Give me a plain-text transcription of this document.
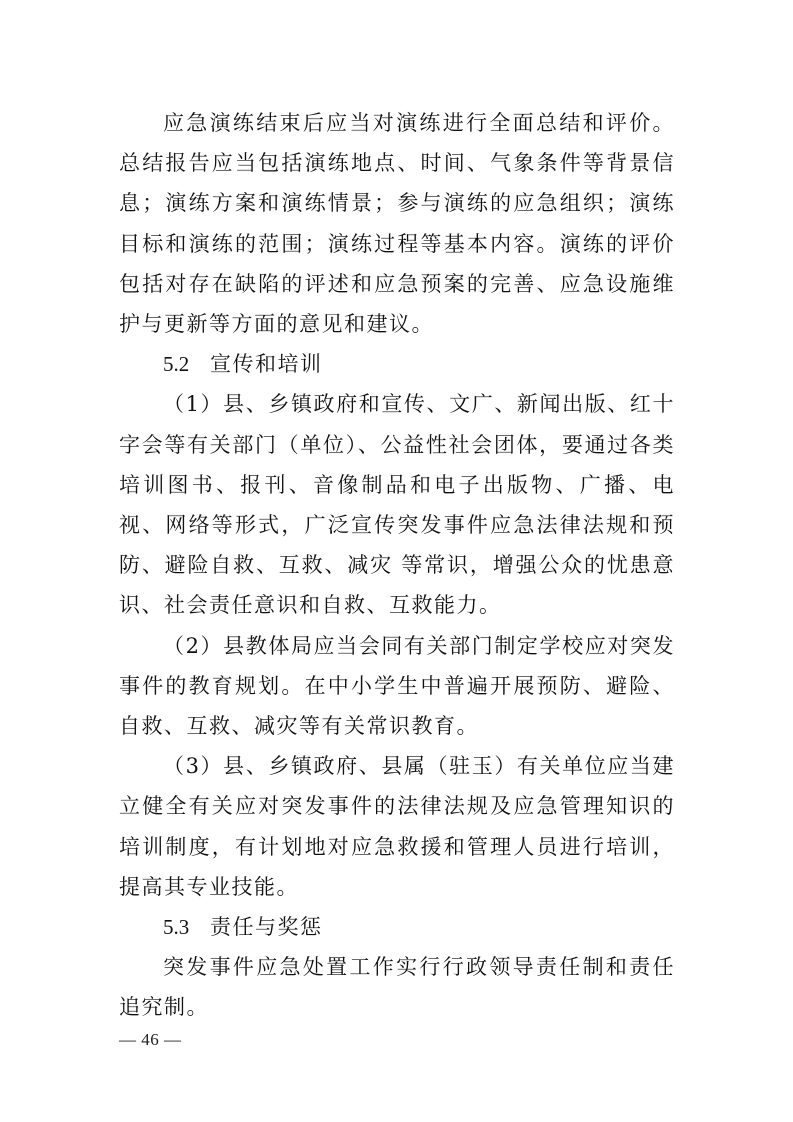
应急演练结束后应当对演练进行全面总结和评价。总结报告应当包括演练地点、时间、气象条件等背景信息；演练方案和演练情景；参与演练的应急组织；演练目标和演练的范围；演练过程等基本内容。演练的评价包括对存在缺陷的评述和应急预案的完善、应急设施维护与更新等方面的意见和建议。

5.2 宣传和培训

（1）县、乡镇政府和宣传、文广、新闻出版、红十字会等有关部门（单位）、公益性社会团体，要通过各类培训图书、报刊、音像制品和电子出版物、广播、电视、网络等形式，广泛宣传突发事件应急法律法规和预防、避险自救、互救、减灾 等常识，增强公众的忧患意识、社会责任意识和自救、互救能力。

（2）县教体局应当会同有关部门制定学校应对突发事件的教育规划。在中小学生中普遍开展预防、避险、自救、互救、减灾等有关常识教育。

（3）县、乡镇政府、县属（驻玉）有关单位应当建立健全有关应对突发事件的法律法规及应急管理知识的培训制度，有计划地对应急救援和管理人员进行培训，提高其专业技能。

5.3 责任与奖惩

突发事件应急处置工作实行行政领导责任制和责任追究制。

— 46 —
